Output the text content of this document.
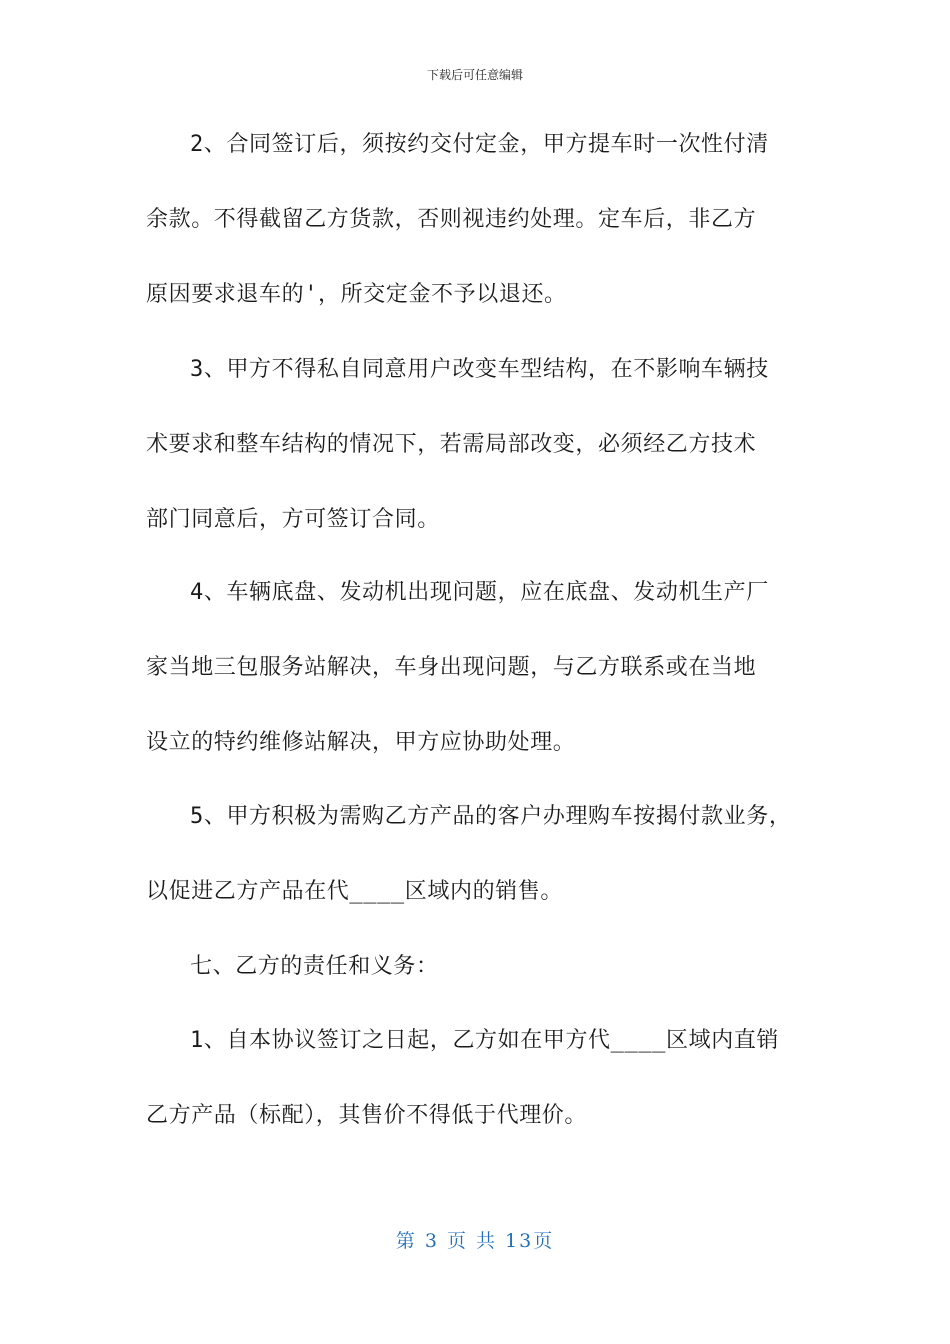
下载后可任意编辑
2、合同签订后，须按约交付定金，甲方提车时一次性付清
余款。不得截留乙方货款，否则视违约处理。定车后，非乙方
原因要求退车的'，所交定金不予以退还。
3、甲方不得私自同意用户改变车型结构，在不影响车辆技
术要求和整车结构的情况下，若需局部改变，必须经乙方技术
部门同意后，方可签订合同。
4、车辆底盘、发动机出现问题，应在底盘、发动机生产厂
家当地三包服务站解决，车身出现问题，与乙方联系或在当地
设立的特约维修站解决，甲方应协助处理。
5、甲方积极为需购乙方产品的客户办理购车按揭付款业务，
以促进乙方产品在代____区域内的销售。
七、乙方的责任和义务：
1、自本协议签订之日起，乙方如在甲方代____区域内直销
乙方产品（标配），其售价不得低于代理价。
第 3 页 共 13页
